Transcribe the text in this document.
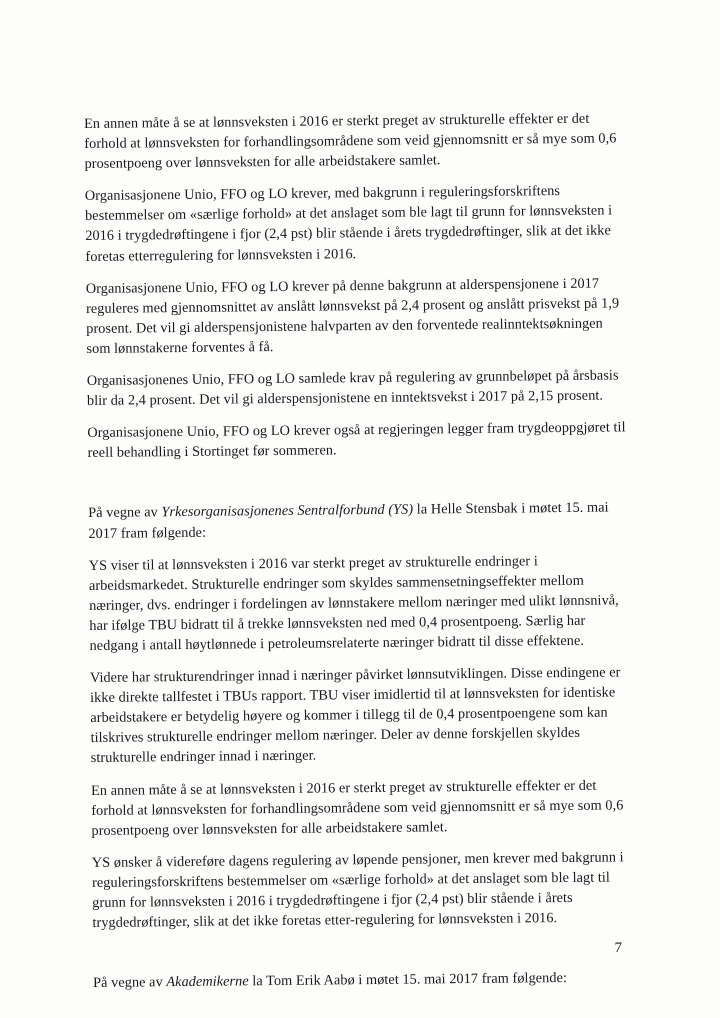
En annen måte å se at lønnsveksten i 2016 er sterkt preget av strukturelle effekter er det forhold at lønnsveksten for forhandlingsområdene som veid gjennomsnitt er så mye som 0,6 prosentpoeng over lønnsveksten for alle arbeidstakere samlet.

Organisasjonene Unio, FFO og LO krever, med bakgrunn i reguleringsforskriftens bestemmelser om «særlige forhold» at det anslaget som ble lagt til grunn for lønnsveksten i 2016 i trygdedrøftingene i fjor (2,4 pst) blir stående i årets trygdedrøftinger, slik at det ikke foretas etterregulering for lønnsveksten i 2016.

Organisasjonene Unio, FFO og LO krever på denne bakgrunn at alderspensjonene i 2017 reguleres med gjennomsnittet av anslått lønnsvekst på 2,4 prosent og anslått prisvekst på 1,9 prosent. Det vil gi alderspensjonistene halvparten av den forventede realinntektsøkningen som lønnstakerne forventes å få.

Organisasjonenes Unio, FFO og LO samlede krav på regulering av grunnbeløpet på årsbasis blir da 2,4 prosent. Det vil gi alderspensjonistene en inntektsvekst i 2017 på 2,15 prosent.

Organisasjonene Unio, FFO og LO krever også at regjeringen legger fram trygdeoppgjøret til reell behandling i Stortinget før sommeren.

På vegne av Yrkesorganisasjonenes Sentralforbund (YS) la Helle Stensbak i møtet 15. mai 2017 fram følgende:

YS viser til at lønnsveksten i 2016 var sterkt preget av strukturelle endringer i arbeidsmarkedet. Strukturelle endringer som skyldes sammensetningseffekter mellom næringer, dvs. endringer i fordelingen av lønnstakere mellom næringer med ulikt lønnsnivå, har ifølge TBU bidratt til å trekke lønnsveksten ned med 0,4 prosentpoeng. Særlig har nedgang i antall høytlønnede i petroleumsrelaterte næringer bidratt til disse effektene.

Videre har strukturendringer innad i næringer påvirket lønnsutviklingen. Disse endingene er ikke direkte tallfestet i TBUs rapport. TBU viser imidlertid til at lønnsveksten for identiske arbeidstakere er betydelig høyere og kommer i tillegg til de 0,4 prosentpoengene som kan tilskrives strukturelle endringer mellom næringer. Deler av denne forskjellen skyldes strukturelle endringer innad i næringer.

En annen måte å se at lønnsveksten i 2016 er sterkt preget av strukturelle effekter er det forhold at lønnsveksten for forhandlingsområdene som veid gjennomsnitt er så mye som 0,6 prosentpoeng over lønnsveksten for alle arbeidstakere samlet.

YS ønsker å videreføre dagens regulering av løpende pensjoner, men krever med bakgrunn i reguleringsforskriftens bestemmelser om «særlige forhold» at det anslaget som ble lagt til grunn for lønnsveksten i 2016 i trygdedrøftingene i fjor (2,4 pst) blir stående i årets trygdedrøftinger, slik at det ikke foretas etter-regulering for lønnsveksten i 2016.

På vegne av Akademikerne la Tom Erik Aabø i møtet 15. mai 2017 fram følgende:

7
